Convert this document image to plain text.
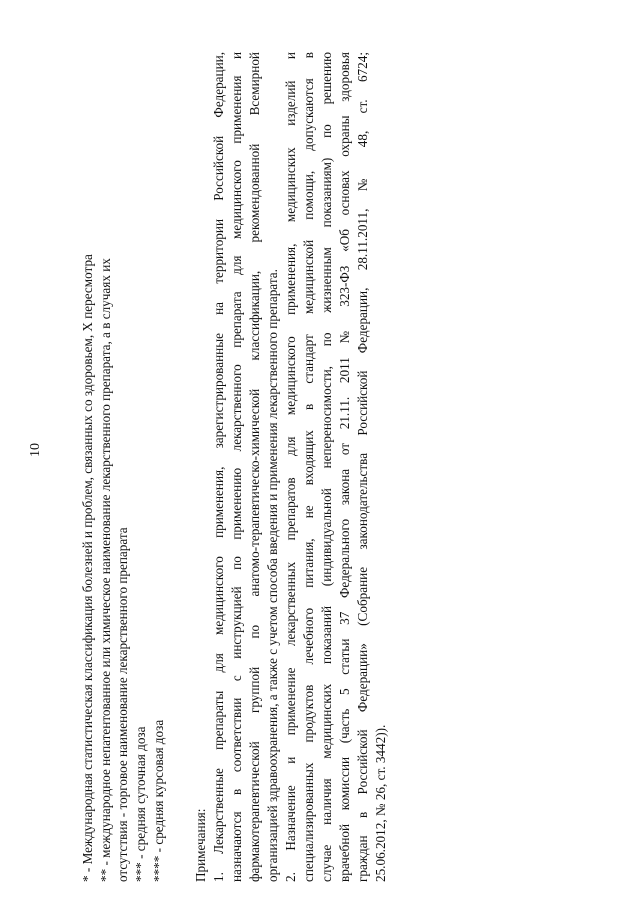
10	* - Международная статистическая классификация болезней и проблем, связанных со здоровьем, X пересмотра ** - международное непатентованное или химическое наименование лекарственного препарата, а в случаях их отсутствия - торговое наименование лекарственного препарата *** - средняя суточная доза **** - средняя курсовая доза Примечания: 1. Лекарственные препараты для медицинского применения, зарегистрированные на территории Российской Федерации, назначаются в соответствии с инструкцией по применению лекарственного препарата для медицинского применения и фармакотерапевтической группой по анатомо-терапевтическо-химической классификации, рекомендованной Всемирной организацией здравоохранения, а также с учетом способа введения и применения лекарственного препарата. 2. Назначение и применение лекарственных препаратов для медицинского применения, медицинских изделий и специализированных продуктов лечебного питания, не входящих в стандарт медицинской помощи, допускаются в случае наличия медицинских показаний (индивидуальной непереносимости, по жизненным показаниям) по решению врачебной комиссии (часть 5 статьи 37 Федерального закона от 21.11. 2011 № 323-ФЗ «Об основах охраны здоровья граждан в Российской Федерации» (Собрание законодательства Российской Федерации, 28.11.2011, № 48, ст. 6724; 25.06.2012, № 26, ст. 3442)).
